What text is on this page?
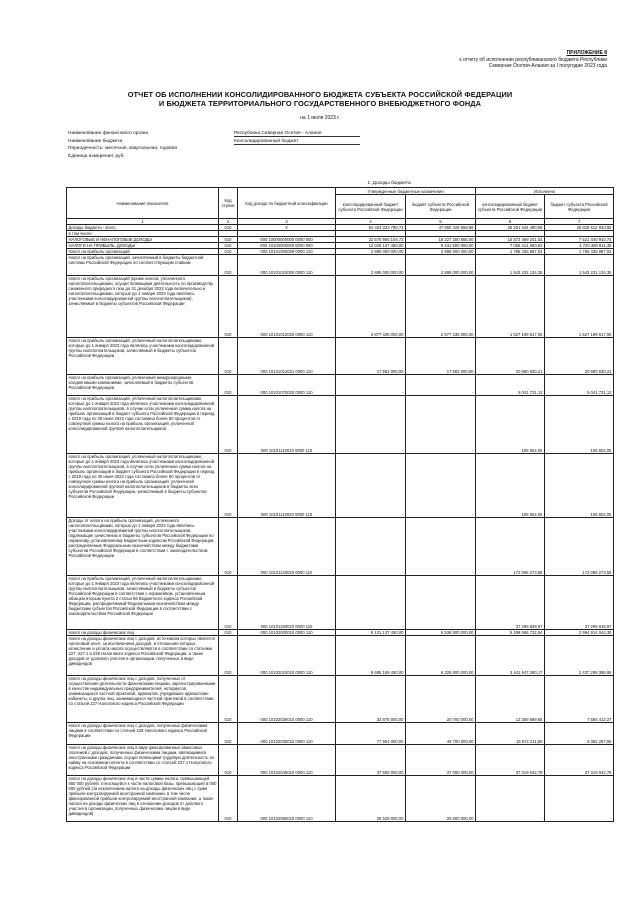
ПРИЛОЖЕНИЕ 8
к отчету об исполнении республиканского бюджета Республики
Северная Осетия-Алания за I полугодие 2023 года
ОТЧЕТ ОБ ИСПОЛНЕНИИ КОНСОЛИДИРОВАННОГО БЮДЖЕТА СУБЪЕКТА РОССИЙСКОЙ ФЕДЕРАЦИИ
И БЮДЖЕТА ТЕРРИТОРИАЛЬНОГО ГОСУДАРСТВЕННОГО ВНЕБЮДЖЕТНОГО ФОНДА
на 1 июля 2023 г.
Наименование финансового органа	Республика Северная Осетия - Алания
Наименование бюджета	Консолидированный бюджет
Периодичность: месячная, квартальная, годовая
Единица измерения: руб.
1. Доходы бюджета
Наименование показателя	Код строки	Код дохода по бюджетной классификации	Утвержденные бюджетные назначения		Исполнено	
			консолидированный бюджет субъекта Российской Федерации	бюджет субъекта Российской Федерации	консолидированный бюджет субъекта Российской Федерации	бюджет субъекта Российской Федерации
1	2	3	4	5	6	7
Доходы бюджета - всего	010	X	54 324 333 790,74	47 850 426 658,66	25 251 444 490,65	25 818 512 843,85
в том числе:						
НАЛОГОВЫЕ И НЕНАЛОГОВЫЕ ДОХОДЫ	010	000 10000000000 0000 000	22 575 905 104,73	18 227 300 655,00	15 572 469 241,53	7 521 440 910,74
НАЛОГИ НА ПРИБЫЛЬ, ДОХОДЫ	010	000 10100000000 0000 000	12 026 137 450,00	9 431 500 000,00	7 056 414 050,92	4 720 380 811,35
Налог на прибыль организаций	010	000 10101000000 0000 110	2 895 000 000,00	2 895 000 000,00	1 756 335 687,04	1 756 335 687,04
Налог на прибыль организаций, зачисляемый в бюджеты бюджетной системы Российской Федерации по соответствующим ставкам	010	000 10101010000 0000 110	2 895 000 000,00	2 895 000 000,00	1 543 231 134,35	1 543 231 134,35
Налог на прибыль организаций (кроме налога, уплаченного налогоплательщиками, осуществляющими деятельность по производству сжиженного природного газа до 31 декабря 2022 года включительно и налогоплательщиками, которые до 1 января 2023 года являлись участниками консолидированной группы налогоплательщиков), зачисляемый в бюджеты субъектов Российской Федерации	010	000 10101012020 0000 110	2 877 435 000,00	2 877 435 000,00	1 527 199 617,05	1 527 199 617,05
Налог на прибыль организаций, уплаченный налогоплательщиками, которые до 1 января 2023 года являлись участниками консолидированной группы налогоплательщиков, зачисляемый в бюджеты субъектов Российской Федерации	010	000 10101012021 0000 110	17 562 000,00	17 562 000,00	20 880 630,21	20 880 630,21
Налог на прибыль организаций, уплаченный международными холдинговыми компаниями, зачисляемый в бюджеты субъектов Российской Федерации	010	000 10101070020 0000 110	-	-	5 041 731,12	5 041 731,12
Налог на прибыль организаций, уплаченный налогоплательщиками, которые до 1 января 2023 года являлись участниками консолидированной группы налогоплательщиков, в случае если уплаченная сумма налога на прибыль организаций в бюджет субъекта Российской Федерации в период с 2019 года по 30 июня 2022 года составила более 60 процентов от совокупной суммы налога на прибыль организаций, уплаченной консолидированной группой налогоплательщиков	010	000 10101110010 0000 110	-	-	106 602,05	106 602,05
Налог на прибыль организаций, уплаченный налогоплательщиками, которые до 1 января 2023 года являлись участниками консолидированной группы налогоплательщиков, в случае если уплаченная сумма налога на прибыль организаций в бюджет субъекта Российской Федерации в период с 2019 года по 30 июня 2022 года составила более 60 процентов от совокупной суммы налога на прибыль организаций, уплаченной консолидированной группой налогоплательщиков в бюджеты всех субъектов Российской Федерации, зачисляемый в бюджеты субъектов Российской Федерации	010	000 10101110020 0000 110	-	-	106 602,05	106 602,05
Доходы от налога на прибыль организаций, уплаченного налогоплательщиками, которые до 1 января 2023 года являлись участниками консолидированной группы налогоплательщиков, подлежащие зачислению в бюджеты субъектов Российской Федерации по нормативу, установленному Бюджетным кодексом Российской Федерации, распределяемые Федеральным казначейством между бюджетами субъектов Российской Федерации в соответствии с законодательством Российской Федерации	010	000 10101130020 0000 110	-	-	172 096 273,58	172 096 273,58
Налог на прибыль организаций, уплаченный налогоплательщиками, которые до 1 января 2023 года являлись участниками консолидированной группы налогоплательщиков, зачисляемый в бюджеты субъектов Российской Федерации в соответствии с нормативом, установленным абзацем вторым пункта 2 статьи 56 Бюджетного кодекса Российской Федерации, распределяемый Федеральным казначейством между бюджетами субъектов Российской Федерации в соответствии с законодательством Российской Федерации	010	000 10101180020 0000 110	-	-	37 299 848,97	37 299 848,97
Налог на доходы физических лиц	010	000 10102000010 0000 110	9 131 137 450,00	6 536 500 000,00	5 299 595 722,54	2 964 914 044,35
Налог на доходы физических лиц с доходов, источником которых является налоговый агент, за исключением доходов, в отношении которых исчисление и уплата налога осуществляются в соответствии со статьями 227, 227.1 и 228 Налогового кодекса Российской Федерации, а также доходов от долевого участия в организации, полученных в виде дивидендов	010	000 10102010010 0000 110	8 695 159 450,00	6 325 600 000,00	3 441 647 280,17	2 437 298 386,95
Налог на доходы физических лиц с доходов, полученных от осуществления деятельности физическими лицами, зарегистрированными в качестве индивидуальных предпринимателей, нотариусов, занимающихся частной практикой, адвокатов, учредивших адвокатские кабинеты, и других лиц, занимающихся частной практикой в соответствии со статьей 227 Налогового кодекса Российской Федерации	010	000 10102020010 0000 110	33 878 000,00	20 700 000,00	12 359 669,65	7 555 412,27
Налог на доходы физических лиц с доходов, полученных физическими лицами в соответствии со статьей 228 Налогового кодекса Российской Федерации	010	000 10102030010 0000 110	77 904 000,00	46 700 000,00	15 572 211,50	9 362 287,56
Налог на доходы физических лиц в виде фиксированных авансовых платежей с доходов, полученных физическими лицами, являющимися иностранными гражданами, осуществляющими трудовую деятельность по найму на основании патента в соответствии со статьей 227.1 Налогового кодекса Российской Федерации	010	000 10102040010 0000 110	37 500 000,00	37 000 000,00	37 319 042,78	37 319 042,78
Налог на доходы физических лиц в части суммы налога, превышающей 650 000 рублей, относящейся к части налоговой базы, превышающей 5 000 000 рублей (за исключением налога на доходы физических лиц с сумм прибыли контролируемой иностранной компании, в том числе фиксированной прибыли контролируемой иностранной компании, а также налога на доходы физических лиц в отношении доходов от долевого участия в организации, полученных физическим лицом в виде дивидендов)	010	000 10102080010 0000 110	25 529 000,00	25 500 000,00	-	-
